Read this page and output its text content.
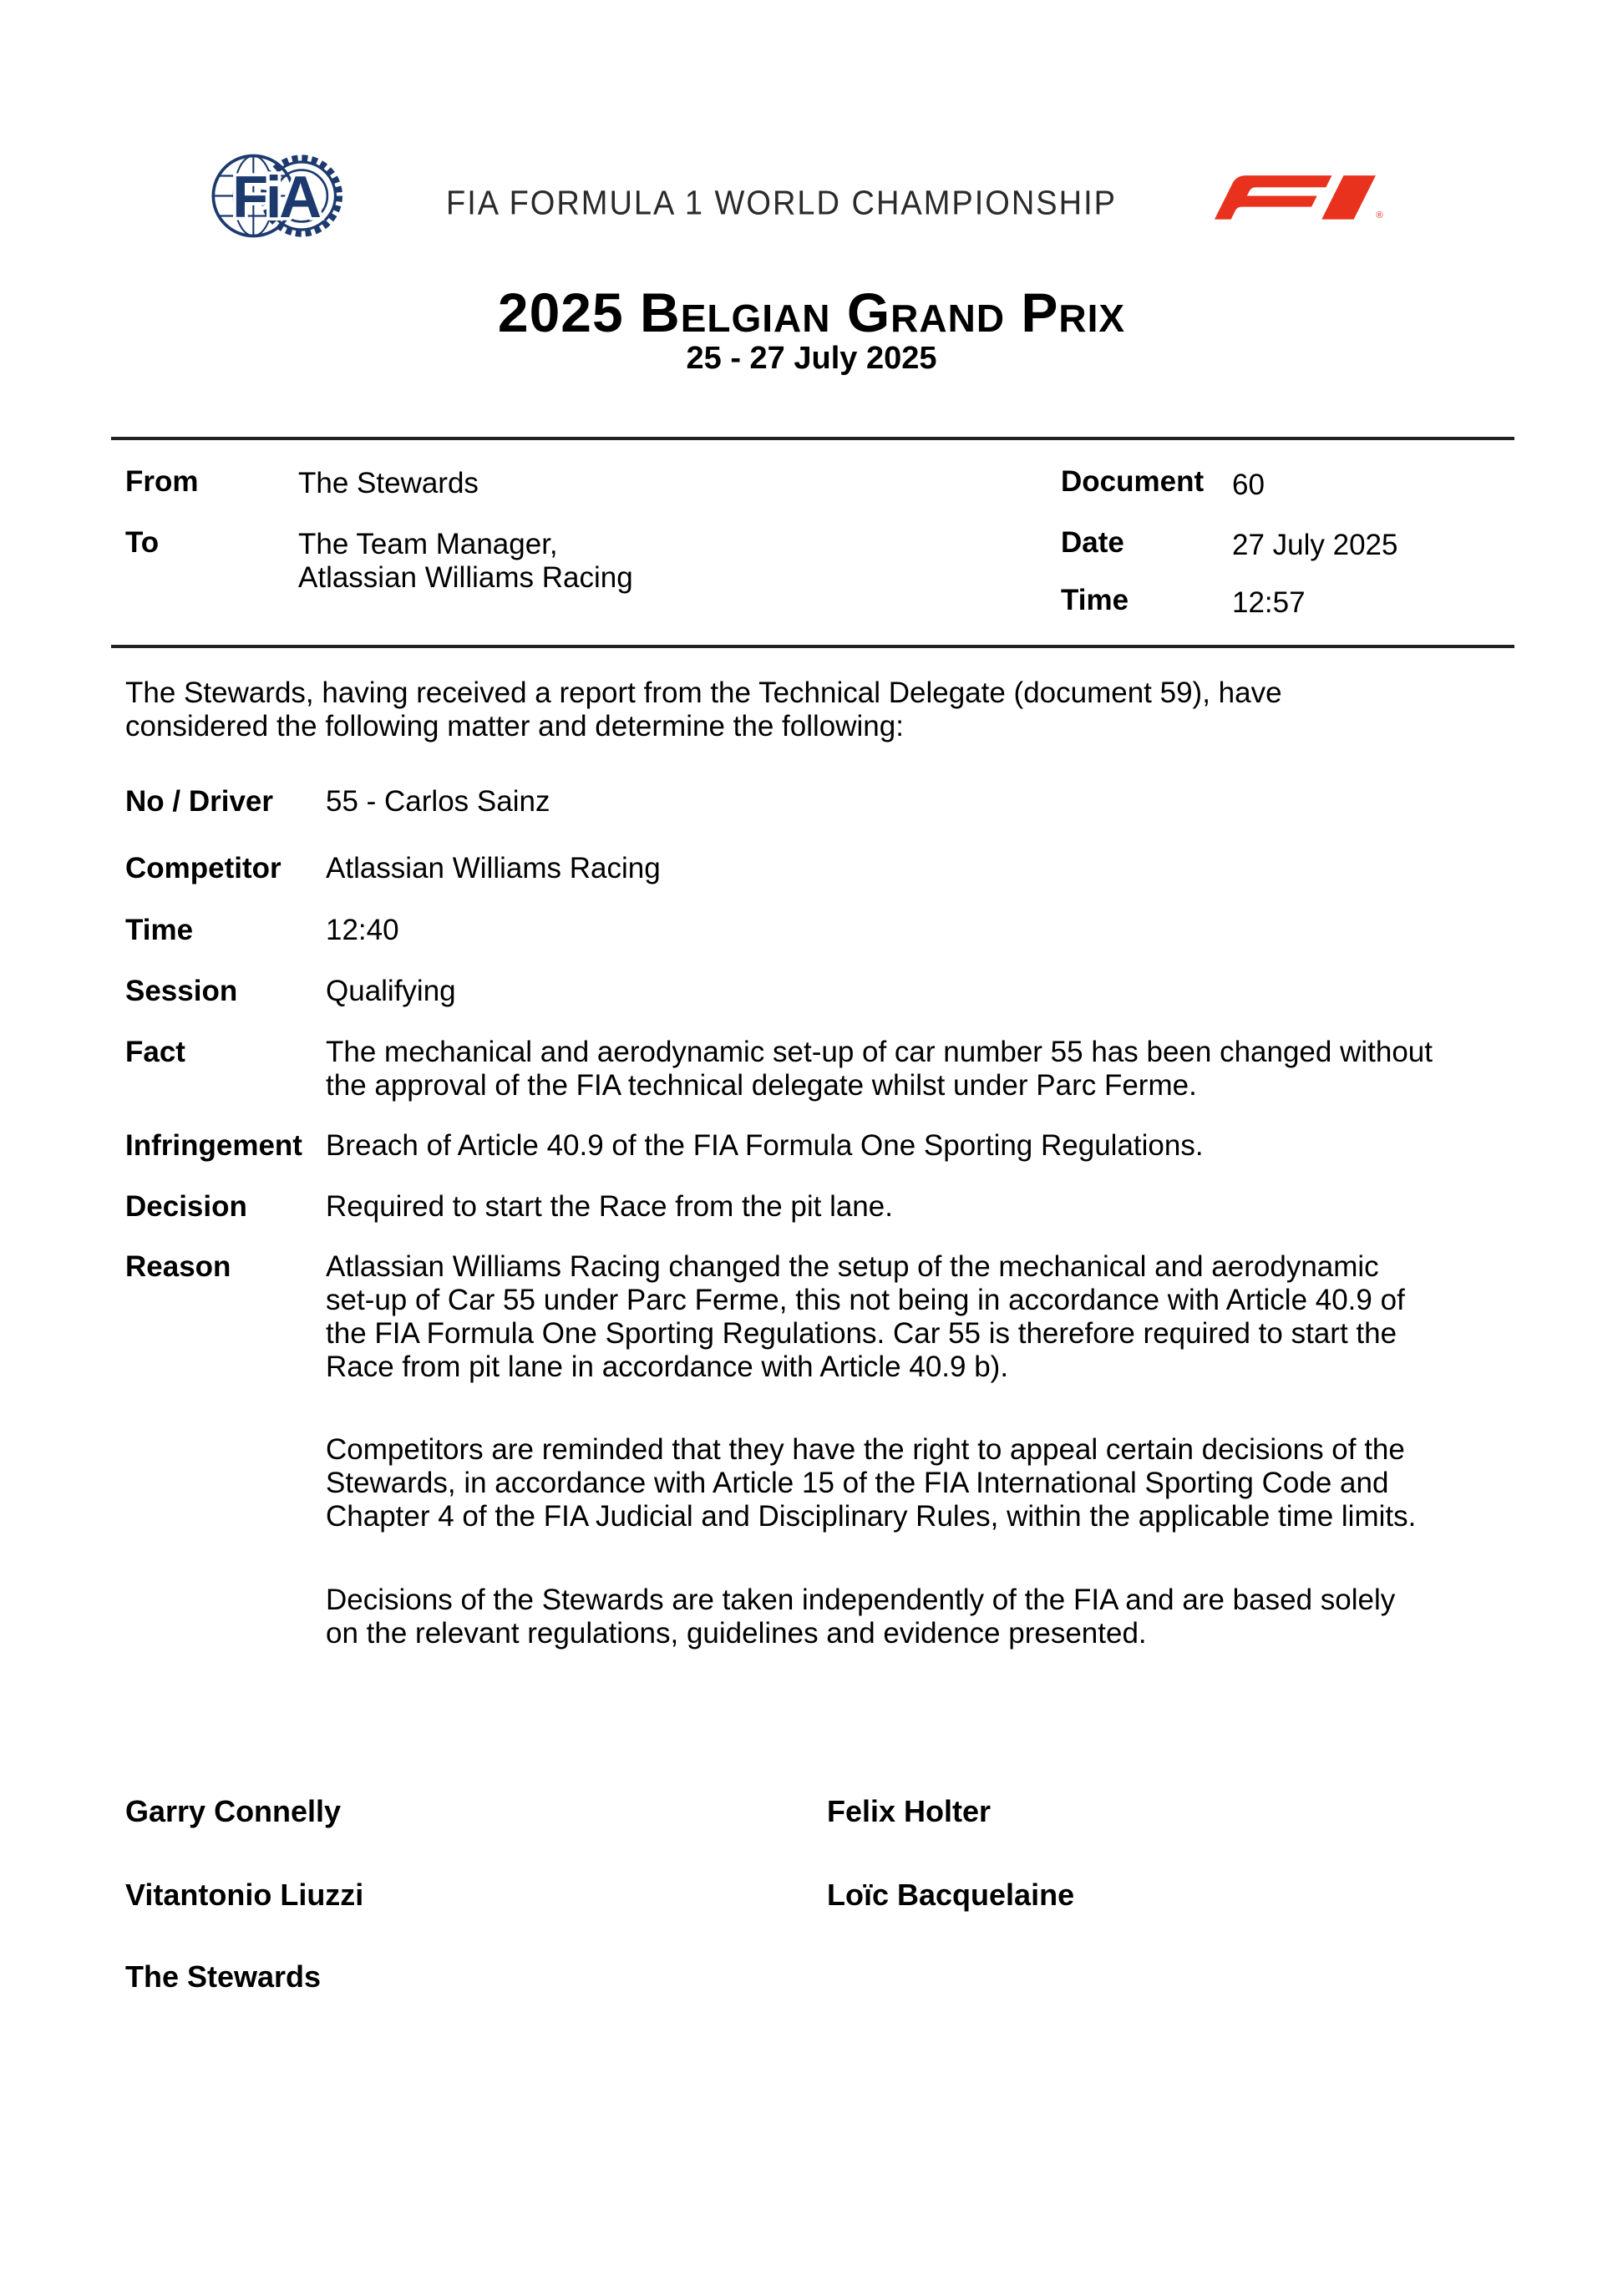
FiA	FIA FORMULA 1 WORLD CHAMPIONSHIP	®
2025 Belgian Grand Prix
25 - 27 July 2025
From	The Stewards
To	The Team Manager,
Atlassian Williams Racing
Document 60
Date	27 July 2025
Time	12:57
The Stewards, having received a report from the Technical Delegate (document 59), have
considered the following matter and determine the following:
No / Driver	55 - Carlos Sainz
Competitor	Atlassian Williams Racing
Time	12:40
Session	Qualifying
Fact	The mechanical and aerodynamic set-up of car number 55 has been changed without
the approval of the FIA technical delegate whilst under Parc Ferme.
Infringement Breach of Article 40.9 of the FIA Formula One Sporting Regulations.
Decision	Required to start the Race from the pit lane.
Reason	Atlassian Williams Racing changed the setup of the mechanical and aerodynamic
set-up of Car 55 under Parc Ferme, this not being in accordance with Article 40.9 of
the FIA Formula One Sporting Regulations. Car 55 is therefore required to start the
Race from pit lane in accordance with Article 40.9 b).
Competitors are reminded that they have the right to appeal certain decisions of the
Stewards, in accordance with Article 15 of the FIA International Sporting Code and
Chapter 4 of the FIA Judicial and Disciplinary Rules, within the applicable time limits.
Decisions of the Stewards are taken independently of the FIA and are based solely
on the relevant regulations, guidelines and evidence presented.
Garry Connelly	Felix Holter
Vitantonio Liuzzi	Loïc Bacquelaine
The Stewards
